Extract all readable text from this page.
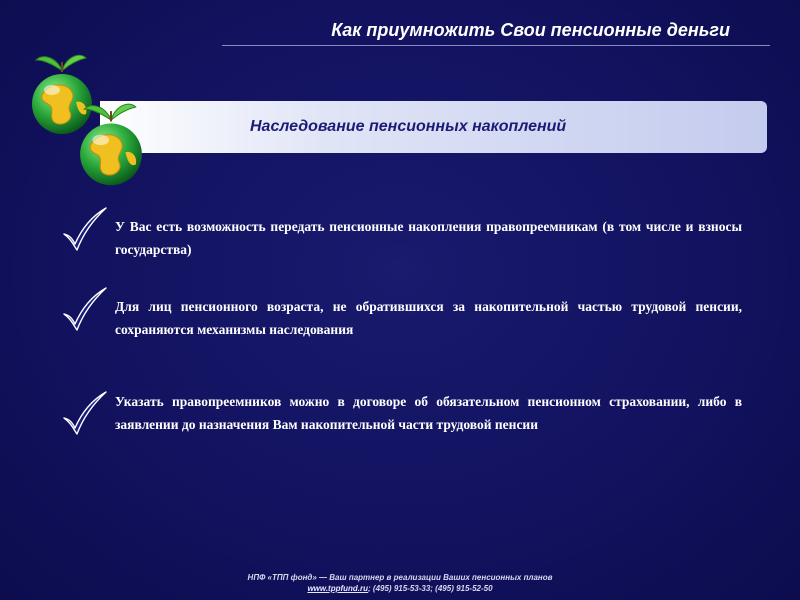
Как приумножить Свои пенсионные деньги
Наследование пенсионных накоплений
У Вас есть возможность передать пенсионные накопления правопреемникам (в том числе и взносы государства)
Для лиц пенсионного возраста, не обратившихся за накопительной частью трудовой пенсии, сохраняются механизмы наследования
Указать правопреемников можно в договоре об обязательном пенсионном страховании, либо в заявлении до назначения Вам накопительной части трудовой пенсии
НПФ «ТПП фонд» — Ваш партнер в реализации Ваших пенсионных планов
www.tppfund.ru; (495) 915-53-33; (495) 915-52-50
